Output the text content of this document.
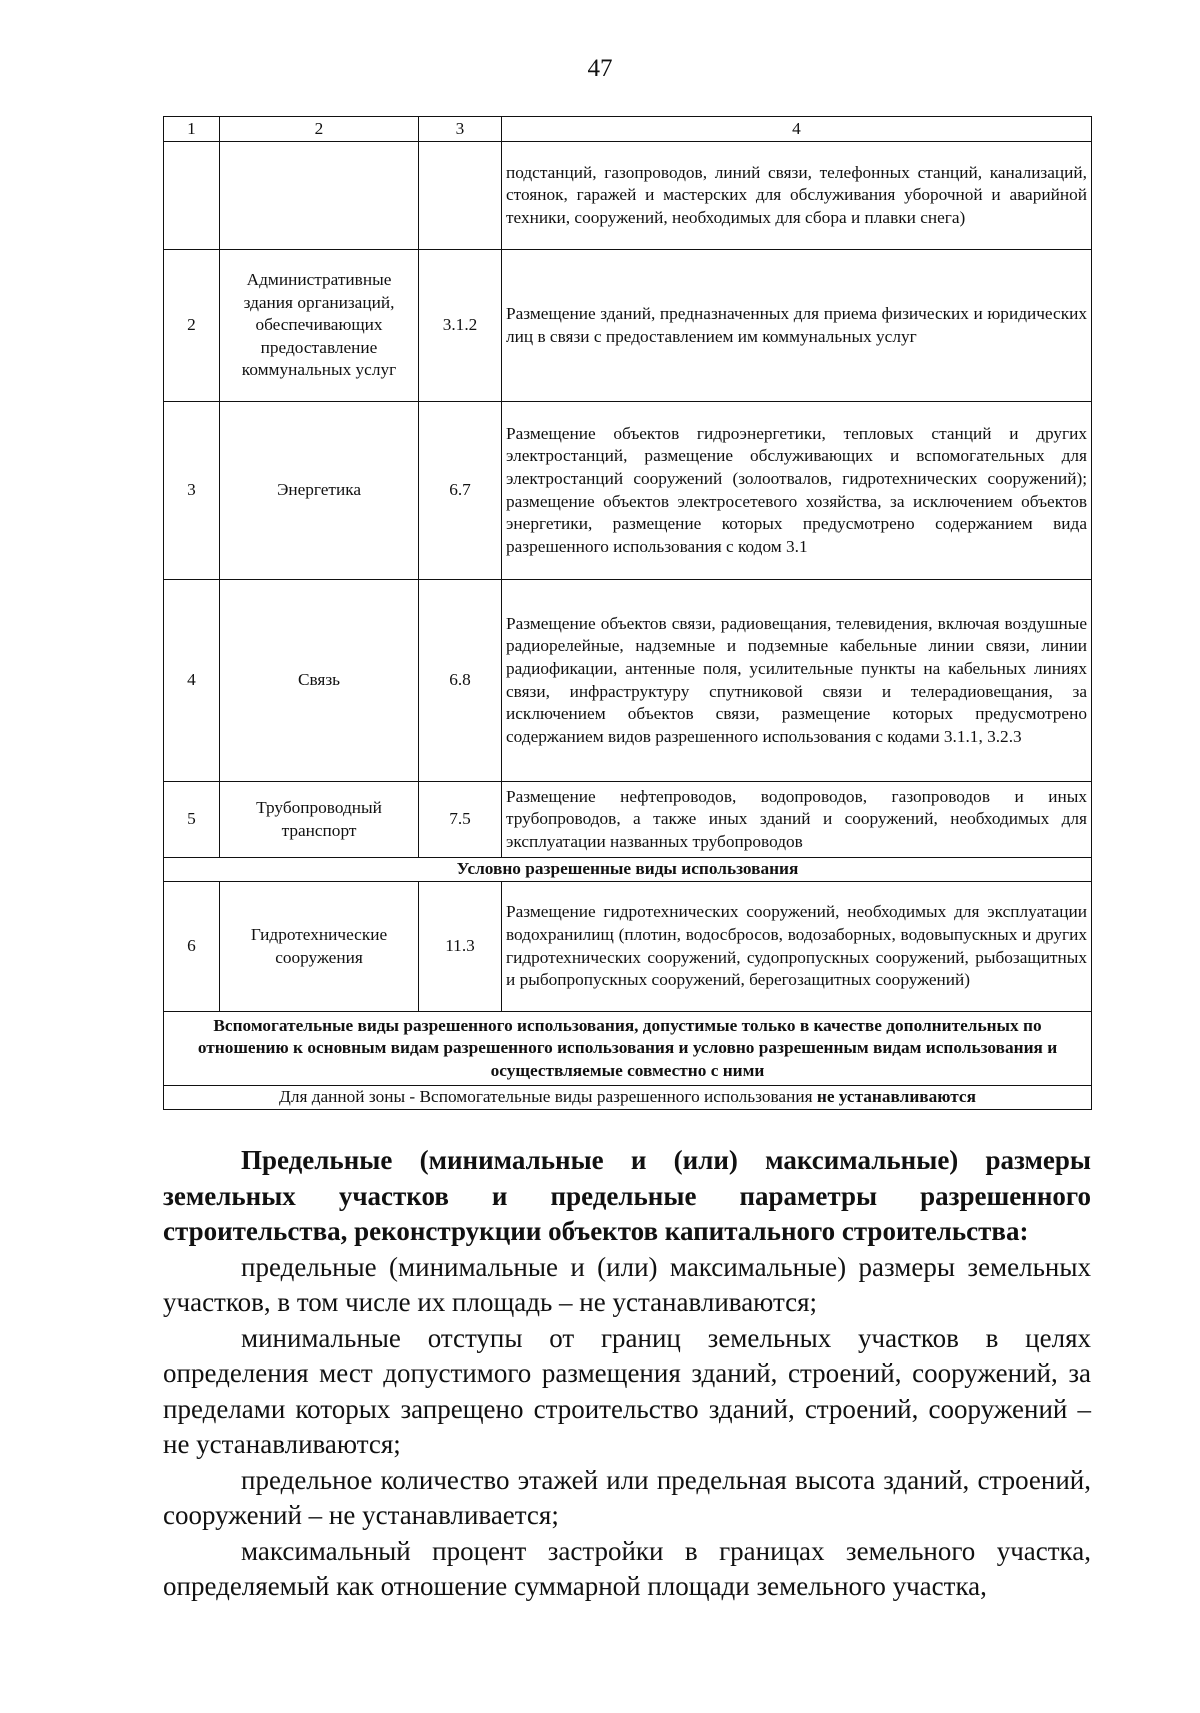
47
1	2	3	4
			подстанций, газопроводов, линий связи, телефонных станций, канализаций, стоянок, гаражей и мастерских для обслуживания уборочной и аварийной техники, сооружений, необходимых для сбора и плавки снега)
2	Административные здания организаций, обеспечивающих предоставление коммунальных услуг	3.1.2	Размещение зданий, предназначенных для приема физических и юридических лиц в связи с предоставлением им коммунальных услуг
3	Энергетика	6.7	Размещение объектов гидроэнергетики, тепловых станций и других электростанций, размещение обслуживающих и вспомогательных для электростанций сооружений (золоотвалов, гидротехнических сооружений); размещение объектов электросетевого хозяйства, за исключением объектов энергетики, размещение которых предусмотрено содержанием вида разрешенного использования с кодом 3.1
4	Связь	6.8	Размещение объектов связи, радиовещания, телевидения, включая воздушные радиорелейные, надземные и подземные кабельные линии связи, линии радиофикации, антенные поля, усилительные пункты на кабельных линиях связи, инфраструктуру спутниковой связи и телерадиовещания, за исключением объектов связи, размещение которых предусмотрено содержанием видов разрешенного использования с кодами 3.1.1, 3.2.3
5	Трубопроводный транспорт	7.5	Размещение нефтепроводов, водопроводов, газопроводов и иных трубопроводов, а также иных зданий и сооружений, необходимых для эксплуатации названных трубопроводов
Условно разрешенные виды использования			
6	Гидротехнические сооружения	11.3	Размещение гидротехнических сооружений, необходимых для эксплуатации водохранилищ (плотин, водосбросов, водозаборных, водовыпускных и других гидротехнических сооружений, судопропускных сооружений, рыбозащитных и рыбопропускных сооружений, берегозащитных сооружений)
Вспомогательные виды разрешенного использования, допустимые только в качестве дополнительных по отношению к основным видам разрешенного использования и условно разрешенным видам использования и осуществляемые совместно с ними			
Для данной зоны - Вспомогательные виды разрешенного использования не устанавливаются			

Предельные (минимальные и (или) максимальные) размеры земельных участков и предельные параметры разрешенного строительства, реконструкции объектов капитального строительства:

предельные (минимальные и (или) максимальные) размеры земельных участков, в том числе их площадь – не устанавливаются;

минимальные отступы от границ земельных участков в целях определения мест допустимого размещения зданий, строений, сооружений, за пределами которых запрещено строительство зданий, строений, сооружений – не устанавливаются;

предельное количество этажей или предельная высота зданий, строений, сооружений – не устанавливается;

максимальный процент застройки в границах земельного участка, определяемый как отношение суммарной площади земельного участка,
